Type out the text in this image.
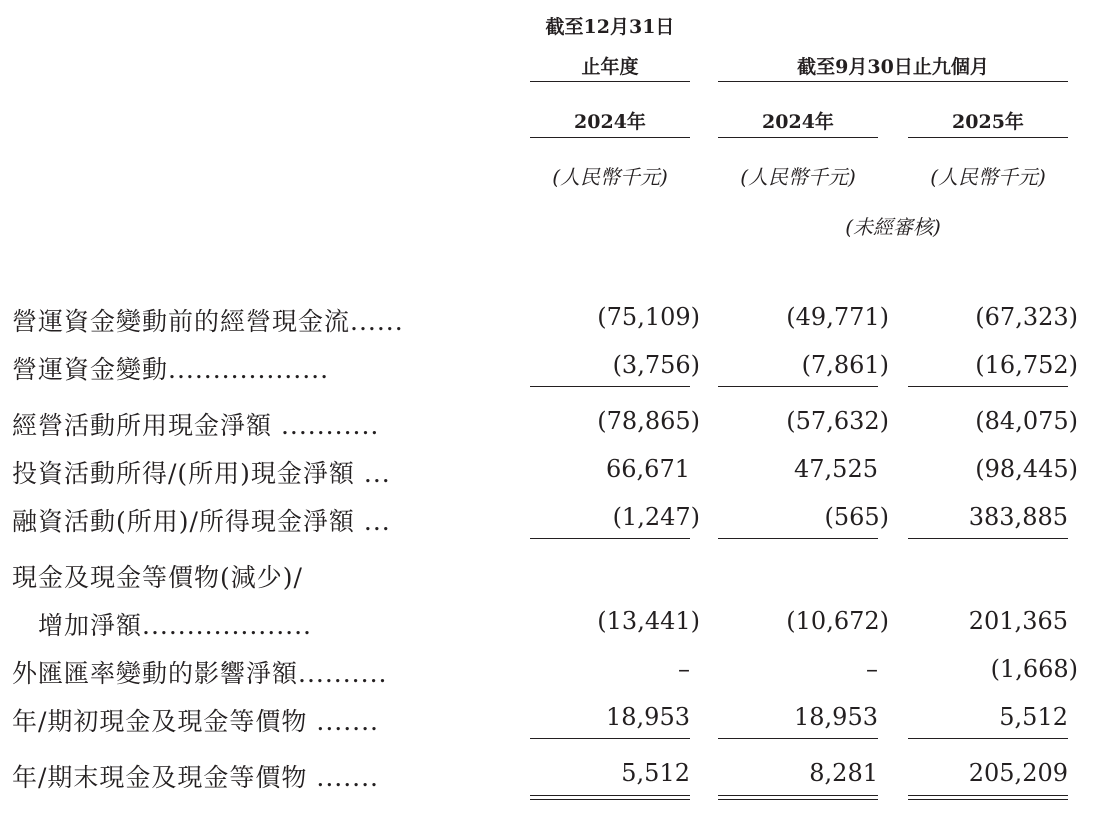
截至12月31日
止年度	截至9月30日止九個月
2024年	2024年	2025年
(人民幣千元)	(人民幣千元)	(人民幣千元)
(未經審核)
營運資金變動前的經營現金流......	(75,109)	(49,771)	(67,323)
營運資金變動..................	(3,756)	(7,861)	(16,752)
經營活動所用現金淨額 ...........	(78,865)	(57,632)	(84,075)
投資活動所得/(所用)現金淨額 ...	66,671	47,525	(98,445)
融資活動(所用)/所得現金淨額 ...	(1,247)	(565)	383,885
現金及現金等價物(減少)/
增加淨額...................	(13,441)	(10,672)	201,365
外匯匯率變動的影響淨額..........	–	–	(1,668)
年/期初現金及現金等價物 .......	18,953	18,953	5,512
年/期末現金及現金等價物 .......	5,512	8,281	205,209
